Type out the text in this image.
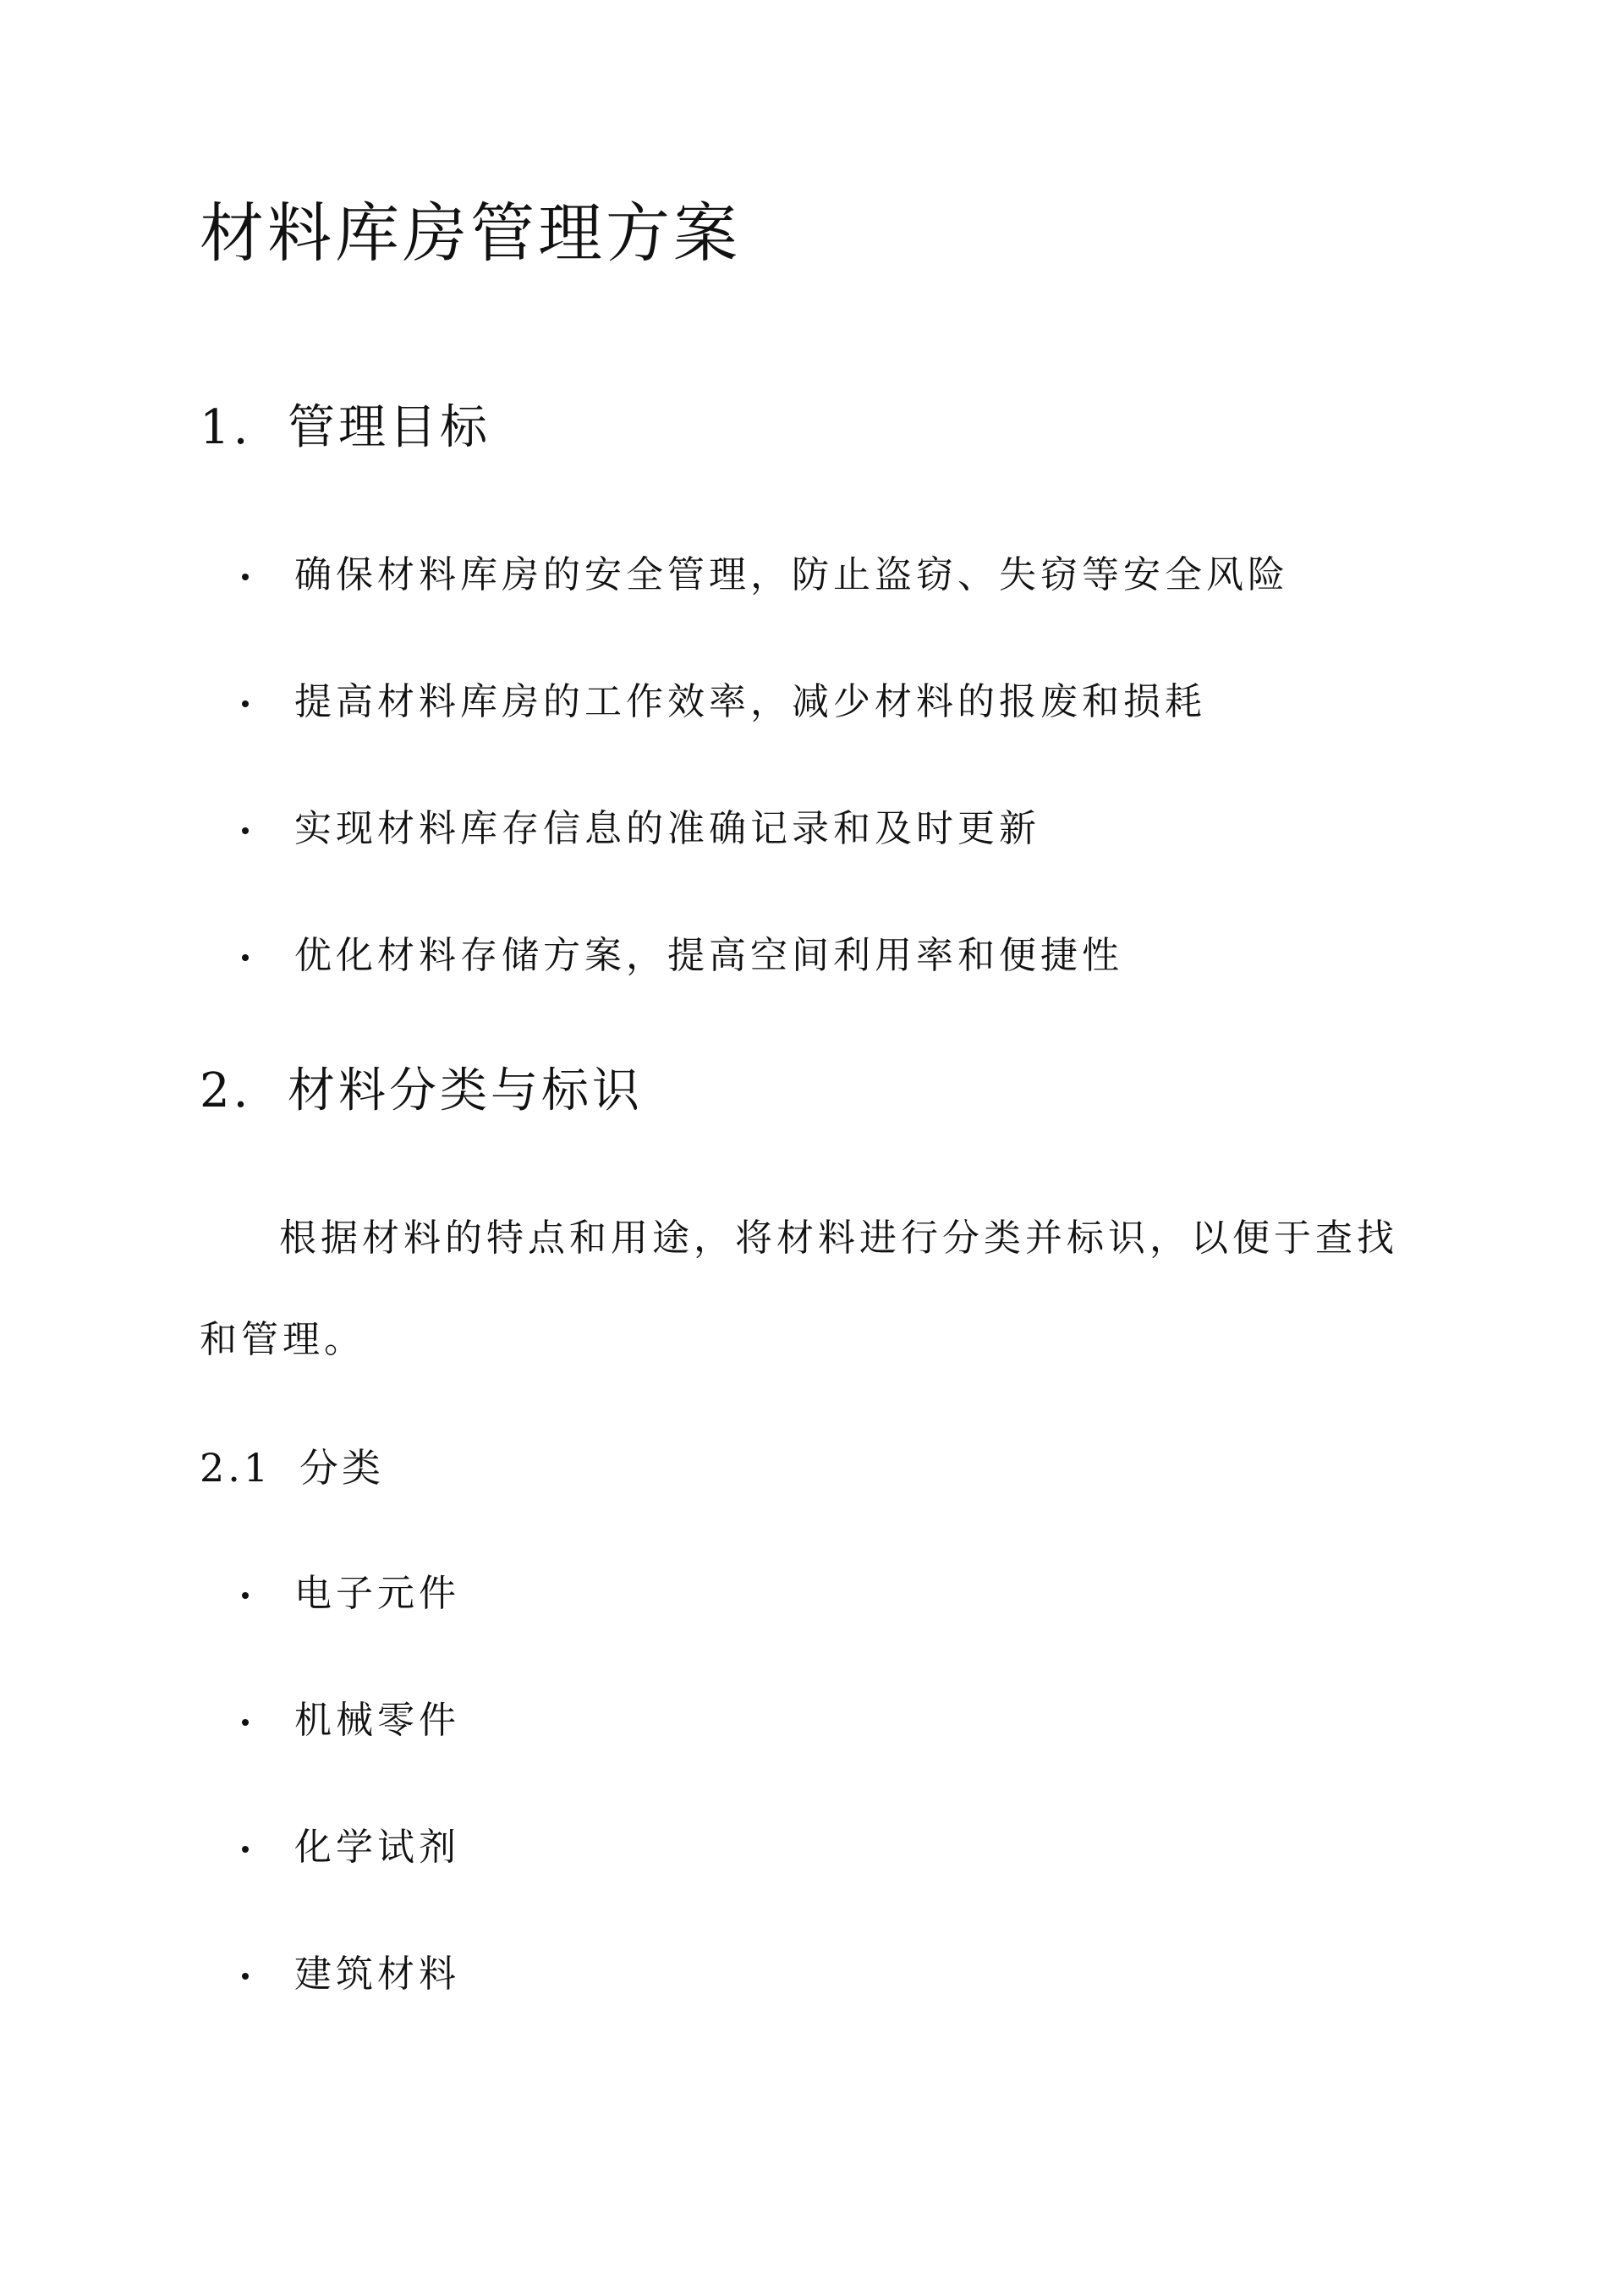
材料库房管理方案
1. 管理目标
确保材料库房的安全管理，防止盗窃、失窃等安全风险
提高材料库房的工作效率，减少材料的报废和损耗
实现材料库存信息的准确记录和及时更新
优化材料存储方案，提高空间利用率和便捷性
2. 材料分类与标识

根据材料的特点和用途，将材料进行分类并标识，以便于查找和管理。

2.1 分类
电子元件
机械零件
化学试剂
建筑材料
